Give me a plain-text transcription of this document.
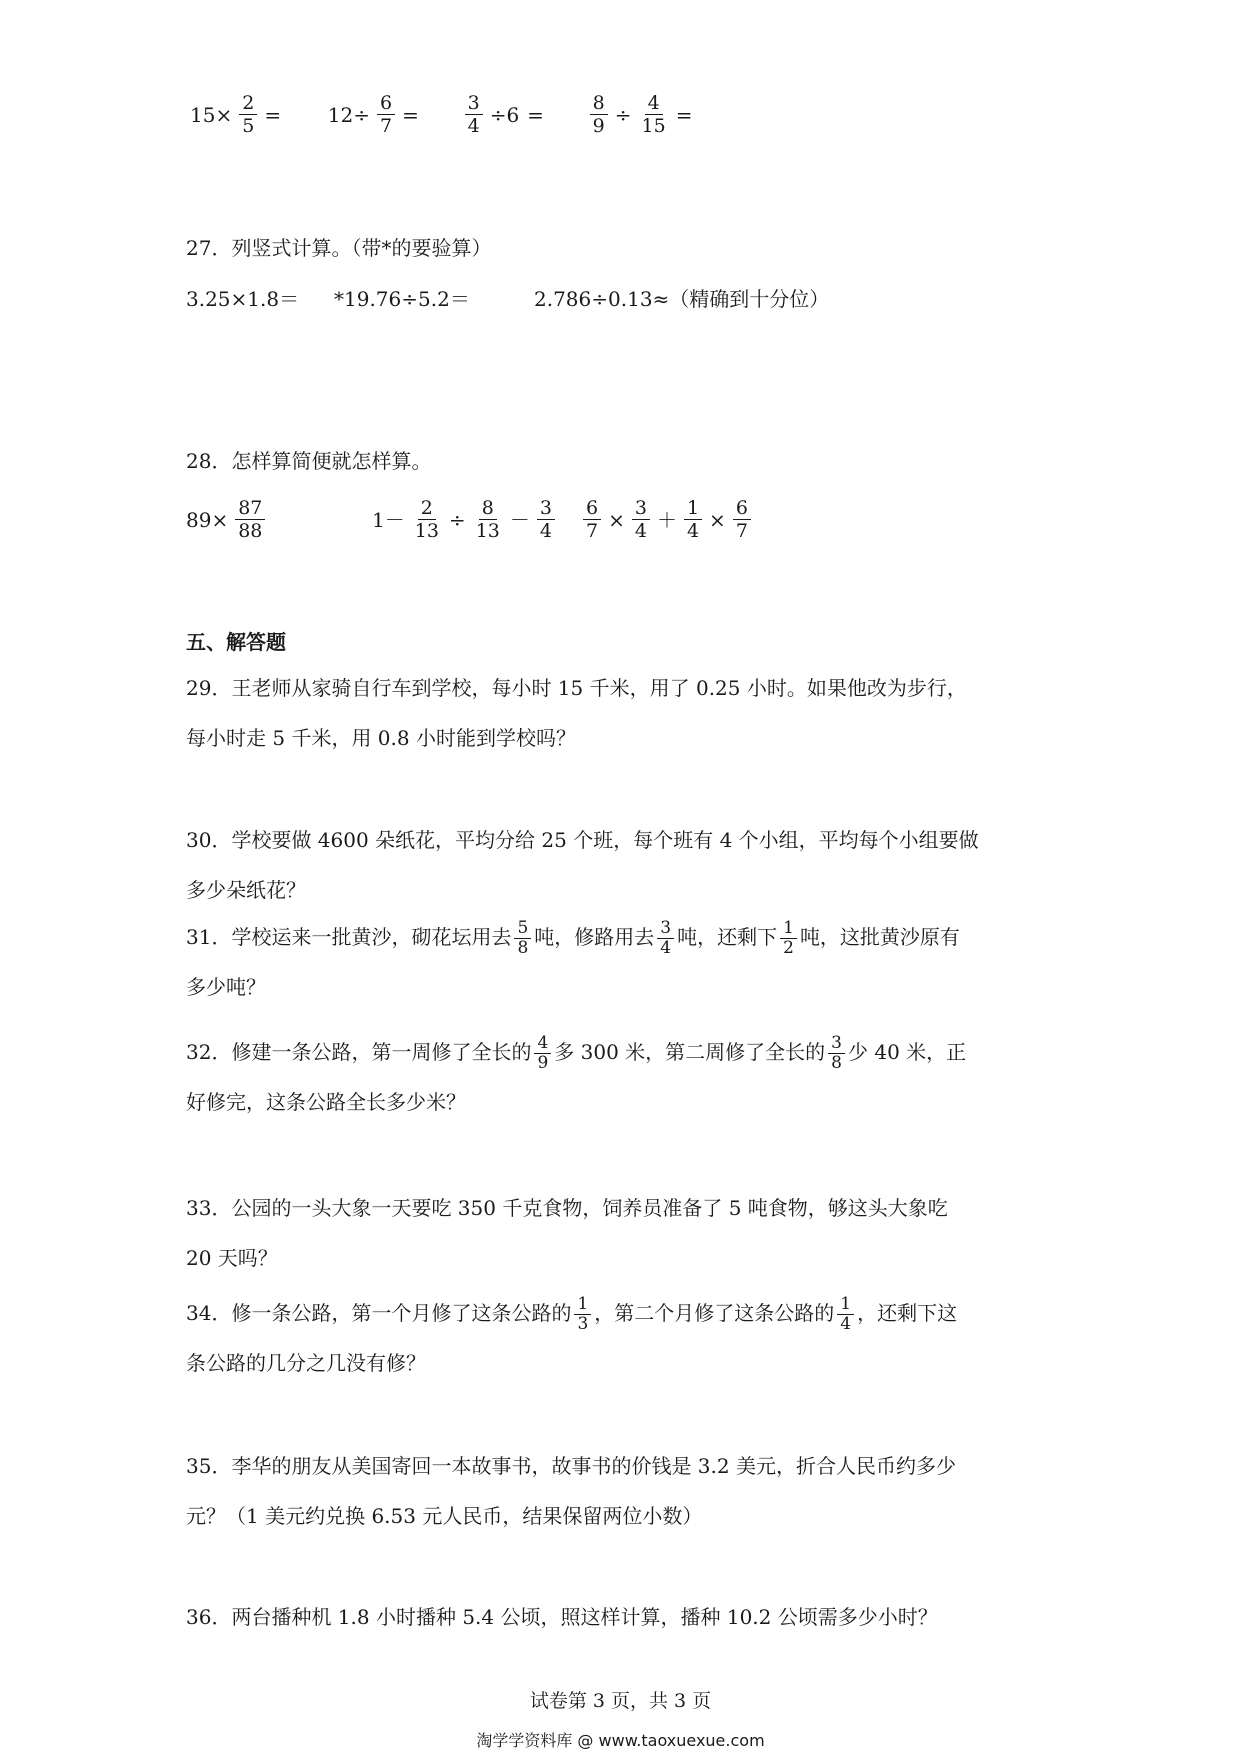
$15\times \frac{2}{5} = 12\div \frac{6}{7} = \frac{3}{4} \div 6 = \frac{8}{9} \div \frac{4}{15}$ =
27．列竖式计算。（带*的要验算）
3.25×1.8＝ *19.76÷5.2＝	2.786÷0.13≈（精确到十分位）
28．怎样算简便就怎样算。
$89\times \frac{87}{88}$	$1- \frac{2}{13} \div \frac{8}{13} - \frac{3}{4} \frac{6}{7} \times \frac{3}{4} + \frac{1}{4} \times \frac{6}{7}$
五、解答题
29．王老师从家骑自行车到学校，每小时 15 千米，用了 0.25 小时。如果他改为步行，
每小时走 5 千米，用 0.8 小时能到学校吗？
30．学校要做 4600 朵纸花，平均分给 25 个班，每个班有 4 个小组，平均每个小组要做
多少朵纸花？
31．学校运来一批黄沙，砌花坛用去 $\frac{5}{8}$ 吨，修路用去 $\frac{3}{4}$ 吨，还剩下 $\frac{1}{2}$ 吨，这批黄沙原有
多少吨？
32．修建一条公路，第一周修了全长的 $\frac{4}{9}$ 多 300 米，第二周修了全长的 $\frac{3}{8}$ 少 40 米，正
好修完，这条公路全长多少米？
33．公园的一头大象一天要吃 350 千克食物，饲养员准备了 5 吨食物，够这头大象吃
20 天吗？
34．修一条公路，第一个月修了这条公路的 $\frac{1}{3}$ ，第二个月修了这条公路的 $\frac{1}{4}$ ，还剩下这
条公路的几分之几没有修？
35．李华的朋友从美国寄回一本故事书，故事书的价钱是 3.2 美元，折合人民币约多少
元？（1 美元约兑换 6.53 元人民币，结果保留两位小数）
36．两台播种机 1.8 小时播种 5.4 公顷，照这样计算，播种 10.2 公顷需多少小时？
试卷第 3 页，共 3 页
淘学学资料库 @ www.taoxuexue.com
